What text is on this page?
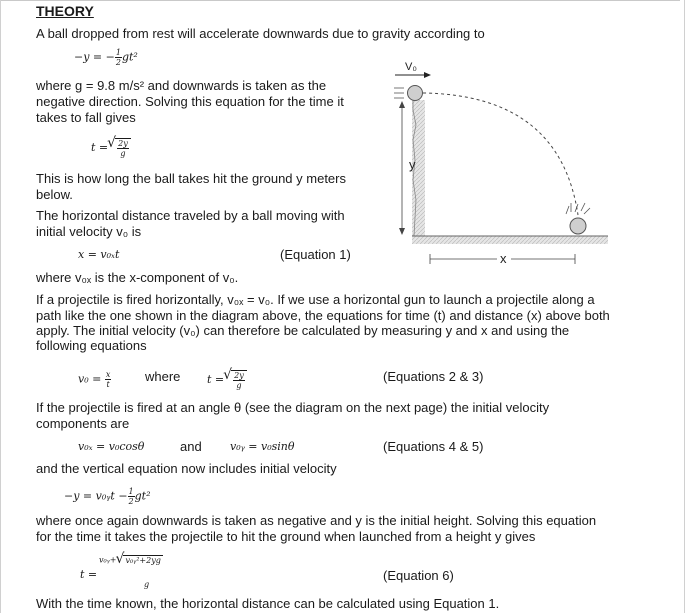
THEORY
A ball dropped from rest will accelerate downwards due to gravity according to
−y = − $\frac{1}{2} gt^2$
where g = 9.8 m/s² and downwards is taken as the
negative direction. Solving this equation for the time it
takes to fall gives
t = √ $\frac{2y}{g}$
This is how long the ball takes hit the ground y meters
below.
The horizontal distance traveled by a ball moving with
initial velocity v₀ is
x = v₀ₓt	(Equation 1)
where v₀ₓ is the x-component of v₀.
If a projectile is fired horizontally, v₀ₓ = v₀. If we use a horizontal gun to launch a projectile along a
path like the one shown in the diagram above, the equations for time (t) and distance (x) above both
apply. The initial velocity (v₀) can therefore be calculated by measuring y and x and using the
following equations
$v_0 = \frac{x}{t}$	where t = √ $\frac{2y}{g}$	(Equations 2 & 3)
If the projectile is fired at an angle θ (see the diagram on the next page) the initial velocity
components are
v₀ₓ = v₀cosθ	and	v₀ᵧ = v₀sinθ	(Equations 4 & 5)
and the vertical equation now includes initial velocity
−y = v₀ᵧt − $\frac{1}{2} gt^2$
where once again downwards is taken as negative and y is the initial height. Solving this equation
for the time it takes the projectile to hit the ground when launched from a height y gives
t =
v₀ᵧ+ √ v₀ᵧ²+2yg
g
(Equation 6)
With the time known, the horizontal distance can be calculated using Equation 1.
V₀
y
x
